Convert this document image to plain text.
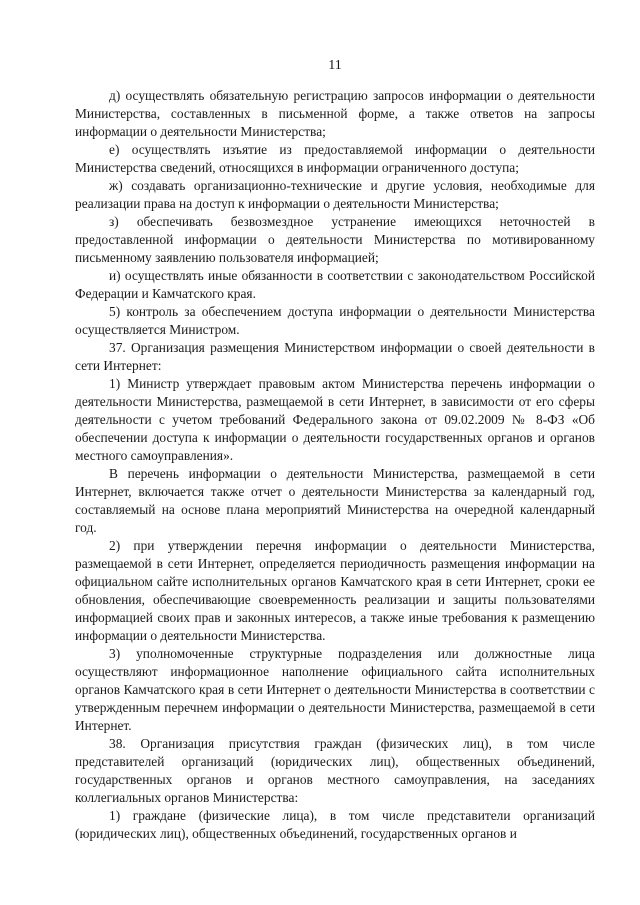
11

д) осуществлять обязательную регистрацию запросов информации о деятельности Министерства, составленных в письменной форме, а также ответов на запросы информации о деятельности Министерства;

е) осуществлять изъятие из предоставляемой информации о деятельности Министерства сведений, относящихся в информации ограниченного доступа;

ж) создавать организационно-технические и другие условия, необходимые для реализации права на доступ к информации о деятельности Министерства;

з) обеспечивать безвозмездное устранение имеющихся неточностей в предоставленной информации о деятельности Министерства по мотивированному письменному заявлению пользователя информацией;

и) осуществлять иные обязанности в соответствии с законодательством Российской Федерации и Камчатского края.

5) контроль за обеспечением доступа информации о деятельности Министерства осуществляется Министром.

37. Организация размещения Министерством информации о своей деятельности в сети Интернет:

1) Министр утверждает правовым актом Министерства перечень информации о деятельности Министерства, размещаемой в сети Интернет, в зависимости от его сферы деятельности с учетом требований Федерального закона от 09.02.2009 № 8-ФЗ «Об обеспечении доступа к информации о деятельности государственных органов и органов местного самоуправления».

В перечень информации о деятельности Министерства, размещаемой в сети Интернет, включается также отчет о деятельности Министерства за календарный год, составляемый на основе плана мероприятий Министерства на очередной календарный год.

2) при утверждении перечня информации о деятельности Министерства, размещаемой в сети Интернет, определяется периодичность размещения информации на официальном сайте исполнительных органов Камчатского края в сети Интернет, сроки ее обновления, обеспечивающие своевременность реализации и защиты пользователями информацией своих прав и законных интересов, а также иные требования к размещению информации о деятельности Министерства.

3) уполномоченные структурные подразделения или должностные лица осуществляют информационное наполнение официального сайта исполнительных органов Камчатского края в сети Интернет о деятельности Министерства в соответствии с утвержденным перечнем информации о деятельности Министерства, размещаемой в сети Интернет.

38. Организация присутствия граждан (физических лиц), в том числе представителей организаций (юридических лиц), общественных объединений, государственных органов и органов местного самоуправления, на заседаниях коллегиальных органов Министерства:

1) граждане (физические лица), в том числе представители организаций (юридических лиц), общественных объединений, государственных органов и
